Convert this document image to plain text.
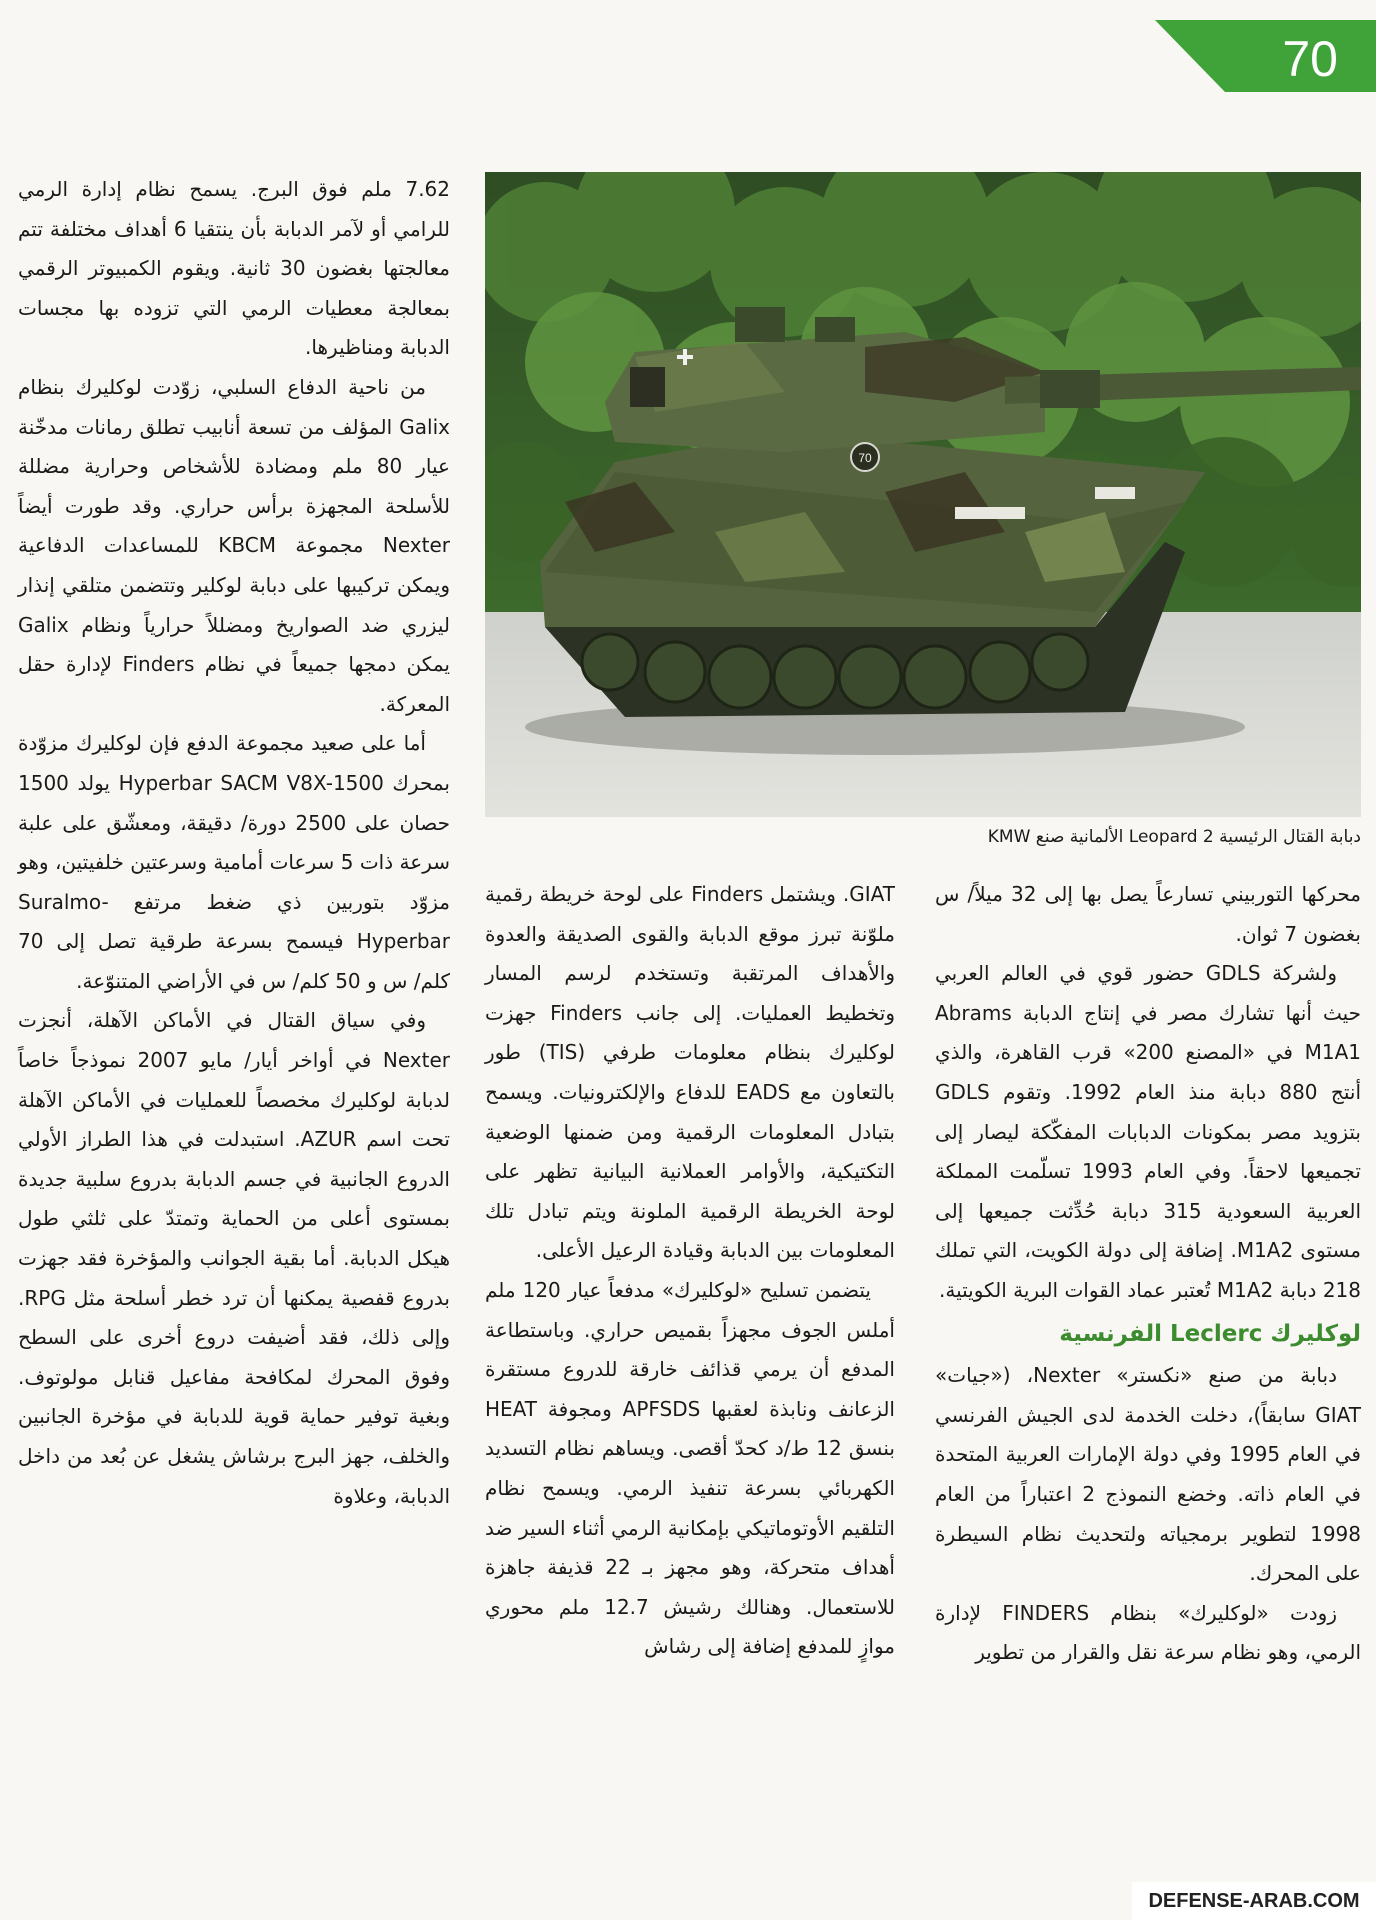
70
70
دبابة القتال الرئيسية Leopard 2 الألمانية صنع KMW

7.62 ملم فوق البرج. يسمح نظام إدارة الرمي للرامي أو لآمر الدبابة بأن ينتقيا 6 أهداف مختلفة تتم معالجتها بغضون 30 ثانية. ويقوم الكمبيوتر الرقمي بمعالجة معطيات الرمي التي تزوده بها مجسات الدبابة ومناظيرها.

من ناحية الدفاع السلبي، زوّدت لوكليرك بنظام Galix المؤلف من تسعة أنابيب تطلق رمانات مدخّنة عيار 80 ملم ومضادة للأشخاص وحرارية مضللة للأسلحة المجهزة برأس حراري. وقد طورت أيضاً Nexter مجموعة KBCM للمساعدات الدفاعية ويمكن تركيبها على دبابة لوكلير وتتضمن متلقي إنذار ليزري ضد الصواريخ ومضللاً حرارياً ونظام Galix يمكن دمجها جميعاً في نظام Finders لإدارة حقل المعركة.

أما على صعيد مجموعة الدفع فإن لوكليرك مزوّدة بمحرك Hyperbar SACM V8X-1500 يولد 1500 حصان على 2500 دورة/ دقيقة، ومعشّق على علبة سرعة ذات 5 سرعات أمامية وسرعتين خلفيتين، وهو مزوّد بتوربين ذي ضغط مرتفع Suralmo- Hyperbar فيسمح بسرعة طرقية تصل إلى 70 كلم/ س و 50 كلم/ س في الأراضي المتنوّعة.

وفي سياق القتال في الأماكن الآهلة، أنجزت Nexter في أواخر أيار/ مايو 2007 نموذجاً خاصاً لدبابة لوكليرك مخصصاً للعمليات في الأماكن الآهلة تحت اسم AZUR. استبدلت في هذا الطراز الأولي الدروع الجانبية في جسم الدبابة بدروع سلبية جديدة بمستوى أعلى من الحماية وتمتدّ على ثلثي طول هيكل الدبابة. أما بقية الجوانب والمؤخرة فقد جهزت بدروع قفصية يمكنها أن ترد خطر أسلحة مثل RPG. وإلى ذلك، فقد أضيفت دروع أخرى على السطح وفوق المحرك لمكافحة مفاعيل قنابل مولوتوف. وبغية توفير حماية قوية للدبابة في مؤخرة الجانبين والخلف، جهز البرج برشاش يشغل عن بُعد من داخل الدبابة، وعلاوة

GIAT. ويشتمل Finders على لوحة خريطة رقمية ملوّنة تبرز موقع الدبابة والقوى الصديقة والعدوة والأهداف المرتقبة وتستخدم لرسم المسار وتخطيط العمليات. إلى جانب Finders جهزت لوكليرك بنظام معلومات طرفي (TIS) طور بالتعاون مع EADS للدفاع والإلكترونيات. ويسمح بتبادل المعلومات الرقمية ومن ضمنها الوضعية التكتيكية، والأوامر العملانية البيانية تظهر على لوحة الخريطة الرقمية الملونة ويتم تبادل تلك المعلومات بين الدبابة وقيادة الرعيل الأعلى.

يتضمن تسليح «لوكليرك» مدفعاً عيار 120 ملم أملس الجوف مجهزاً بقميص حراري. وباستطاعة المدفع أن يرمي قذائف خارقة للدروع مستقرة الزعانف ونابذة لعقبها APFSDS ومجوفة HEAT بنسق 12 ط/د كحدّ أقصى. ويساهم نظام التسديد الكهربائي بسرعة تنفيذ الرمي. ويسمح نظام التلقيم الأوتوماتيكي بإمكانية الرمي أثناء السير ضد أهداف متحركة، وهو مجهز بـ 22 قذيفة جاهزة للاستعمال. وهنالك رشيش 12.7 ملم محوري موازٍ للمدفع إضافة إلى رشاش

محركها التوربيني تسارعاً يصل بها إلى 32 ميلاً/ س بغضون 7 ثوان.

ولشركة GDLS حضور قوي في العالم العربي حيث أنها تشارك مصر في إنتاج الدبابة Abrams M1A1 في «المصنع 200» قرب القاهرة، والذي أنتج 880 دبابة منذ العام 1992. وتقوم GDLS بتزويد مصر بمكونات الدبابات المفكّكة ليصار إلى تجميعها لاحقاً. وفي العام 1993 تسلّمت المملكة العربية السعودية 315 دبابة حُدِّثت جميعها إلى مستوى M1A2. إضافة إلى دولة الكويت، التي تملك 218 دبابة M1A2 تُعتبر عماد القوات البرية الكويتية.

لوكليرك Leclerc الفرنسية

دبابة من صنع «نكستر» Nexter، («جيات» GIAT سابقاً)، دخلت الخدمة لدى الجيش الفرنسي في العام 1995 وفي دولة الإمارات العربية المتحدة في العام ذاته. وخضع النموذج 2 اعتباراً من العام 1998 لتطوير برمجياته ولتحديث نظام السيطرة على المحرك.

زودت «لوكليرك» بنظام FINDERS لإدارة الرمي، وهو نظام سرعة نقل والقرار من تطوير

DEFENSE-ARAB.COM
